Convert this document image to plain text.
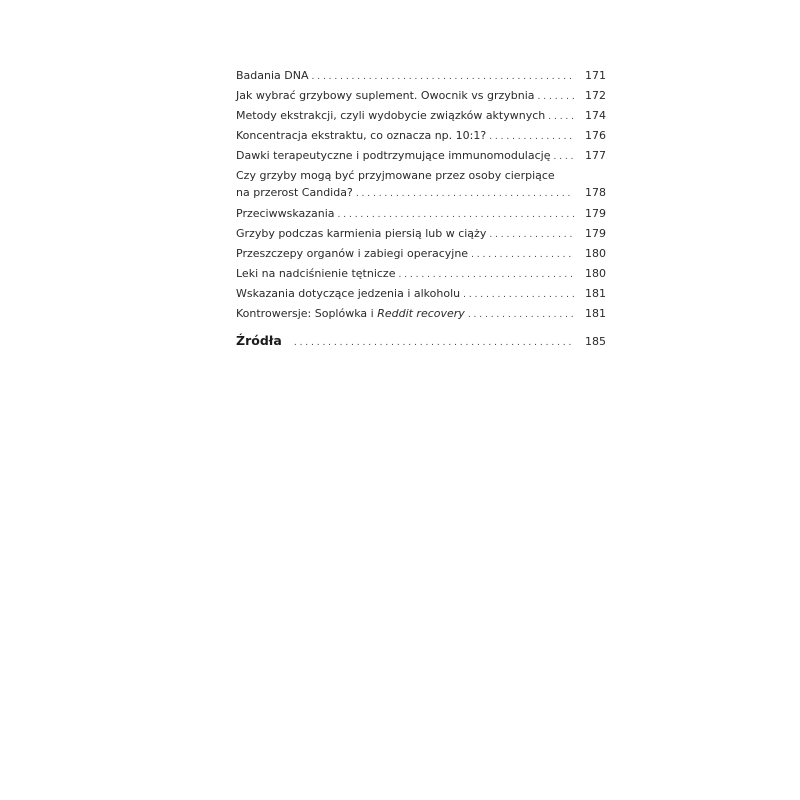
Badania DNA . . .	171
Jak wybrać grzybowy suplement. Owocnik vs grzybnia . . .	172
Metody ekstrakcji, czyli wydobycie związków aktywnych . . .	174
Koncentracja ekstraktu, co oznacza np. 10:1? . . .	176
Dawki terapeutyczne i podtrzymujące immunomodulację . . .	177
Czy grzyby mogą być przyjmowane przez osoby cierpiące
na przerost Candida? . . .	178
Przeciwwskazania . . .	179
Grzyby podczas karmienia piersią lub w ciąży . . .	179
Przeszczepy organów i zabiegi operacyjne . . .	180
Leki na nadciśnienie tętnicze . . .	180
Wskazania dotyczące jedzenia i alkoholu . . .	181
Kontrowersje: Soplówka i Reddit recovery . . .	181
Źródła . . .	185
